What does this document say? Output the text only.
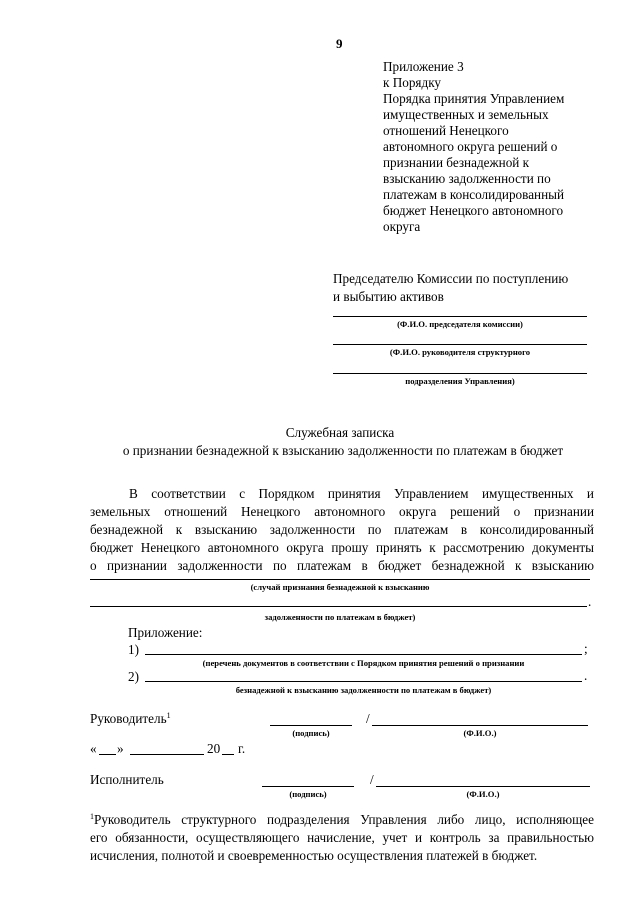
9
Приложение 3
к Порядку
Порядка принятия Управлением
имущественных и земельных
отношений Ненецкого
автономного округа решений о
признании безнадежной к
взысканию задолженности по
платежам в консолидированный
бюджет Ненецкого автономного
округа
Председателю Комиссии по поступлению
и выбытию активов
(Ф.И.О. председателя комиссии)
(Ф.И.О. руководителя структурного
подразделения Управления)
Служебная записка
о признании безнадежной к взысканию задолженности по платежам в бюджет
В соответствии с Порядком принятия Управлением имущественных и
земельных отношений Ненецкого автономного округа решений о признании
безнадежной к взысканию задолженности по платежам в консолидированный
бюджет Ненецкого автономного округа прошу принять к рассмотрению документы
о признании задолженности по платежам в бюджет безнадежной к взысканию
(случай признания безнадежной к взысканию
.
задолженности по платежам в бюджет)
Приложение:
1)	;
(перечень документов в соответствии с Порядком принятия решений о признании
2)	.
безнадежной к взысканию задолженности по платежам в бюджет)
Руководитель$^1$	/
(подпись)	(Ф.И.О.)
« »	20 г.
Исполнитель	/
(подпись)	(Ф.И.О.)
$^1$Руководитель структурного подразделения Управления либо лицо, исполняющее
его обязанности, осуществляющего начисление, учет и контроль за правильностью
исчисления, полнотой и своевременностью осуществления платежей в бюджет.
